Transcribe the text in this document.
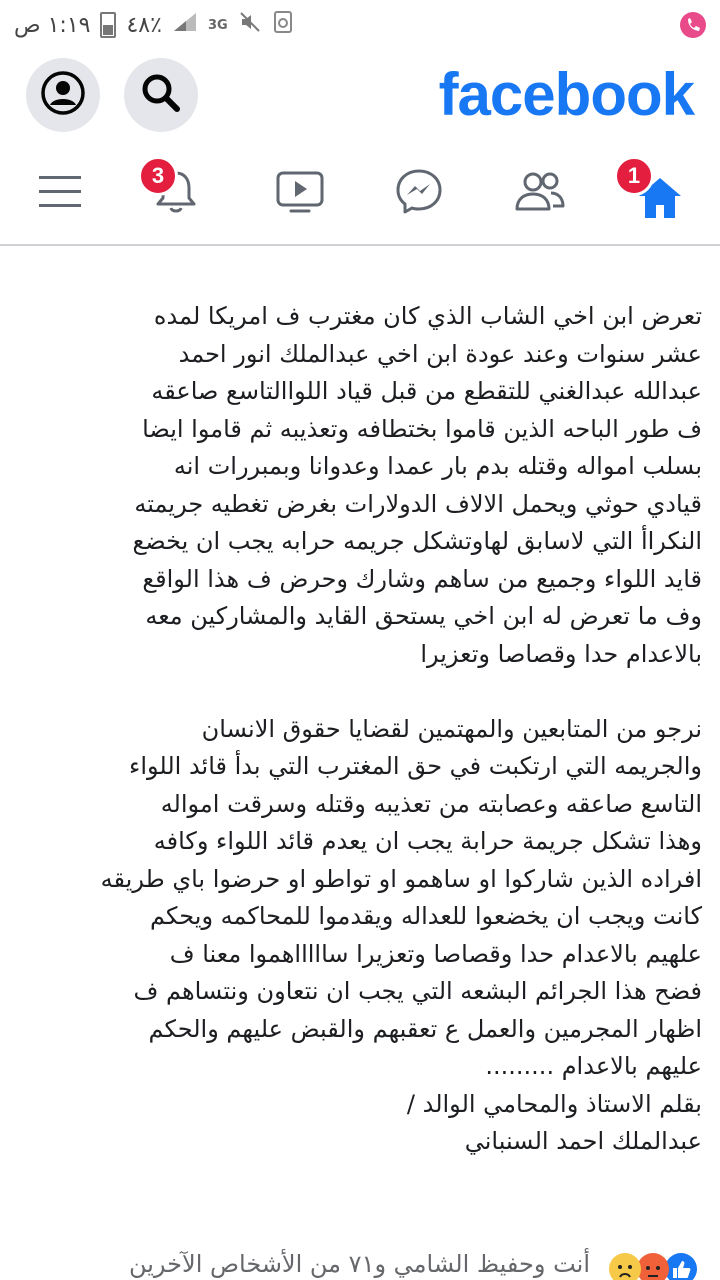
١:١٩ ص ٤٨٪	3G
facebook
3	1

تعرض ابن اخي الشاب الذي كان مغترب ف امريكا لمده

عشر سنوات وعند عودة ابن اخي عبدالملك انور احمد

عبدالله عبدالغني للتقطع من قبل قياد اللواالتاسع صاعقه

ف طور الباحه الذين قاموا بختطافه وتعذيبه ثم قاموا ايضا

بسلب امواله وقتله بدم بار عمدا وعدوانا وبمبررات انه

قيادي حوثي ويحمل الالاف الدولارات بغرض تغطيه جريمته

النكراأ التي لاسابق لهاوتشكل جريمه حرابه يجب ان يخضع

قايد اللواء وجميع من ساهم وشارك وحرض ف هذا الواقع

وف ما تعرض له ابن اخي يستحق القايد والمشاركين معه

بالاعدام حدا وقصاصا وتعزيرا

نرجو من المتابعين والمهتمين لقضايا حقوق الانسان

والجريمه التي ارتكبت في حق المغترب التي بدأ قائد اللواء

التاسع صاعقه وعصابته من تعذيبه وقتله وسرقت امواله

وهذا تشكل جريمة حرابة يجب ان يعدم قائد اللواء وكافه

افراده الذين شاركوا او ساهمو او تواطو او حرضوا باي طريقه

كانت ويجب ان يخضعوا للعداله ويقدموا للمحاكمه ويحكم

علهيم بالاعدام حدا وقصاصا وتعزيرا ساااااهموا معنا ف

فضح هذا الجرائم البشعه التي يجب ان نتعاون ونتساهم ف

اظهار المجرمين والعمل ع تعقبهم والقبض عليهم والحكم

عليهم بالاعدام .........

بقلم الاستاذ والمحامي الوالد /

عبدالملك احمد السنباني

أنت وحفيظ الشامي و٧١ من الأشخاص الآخرين
